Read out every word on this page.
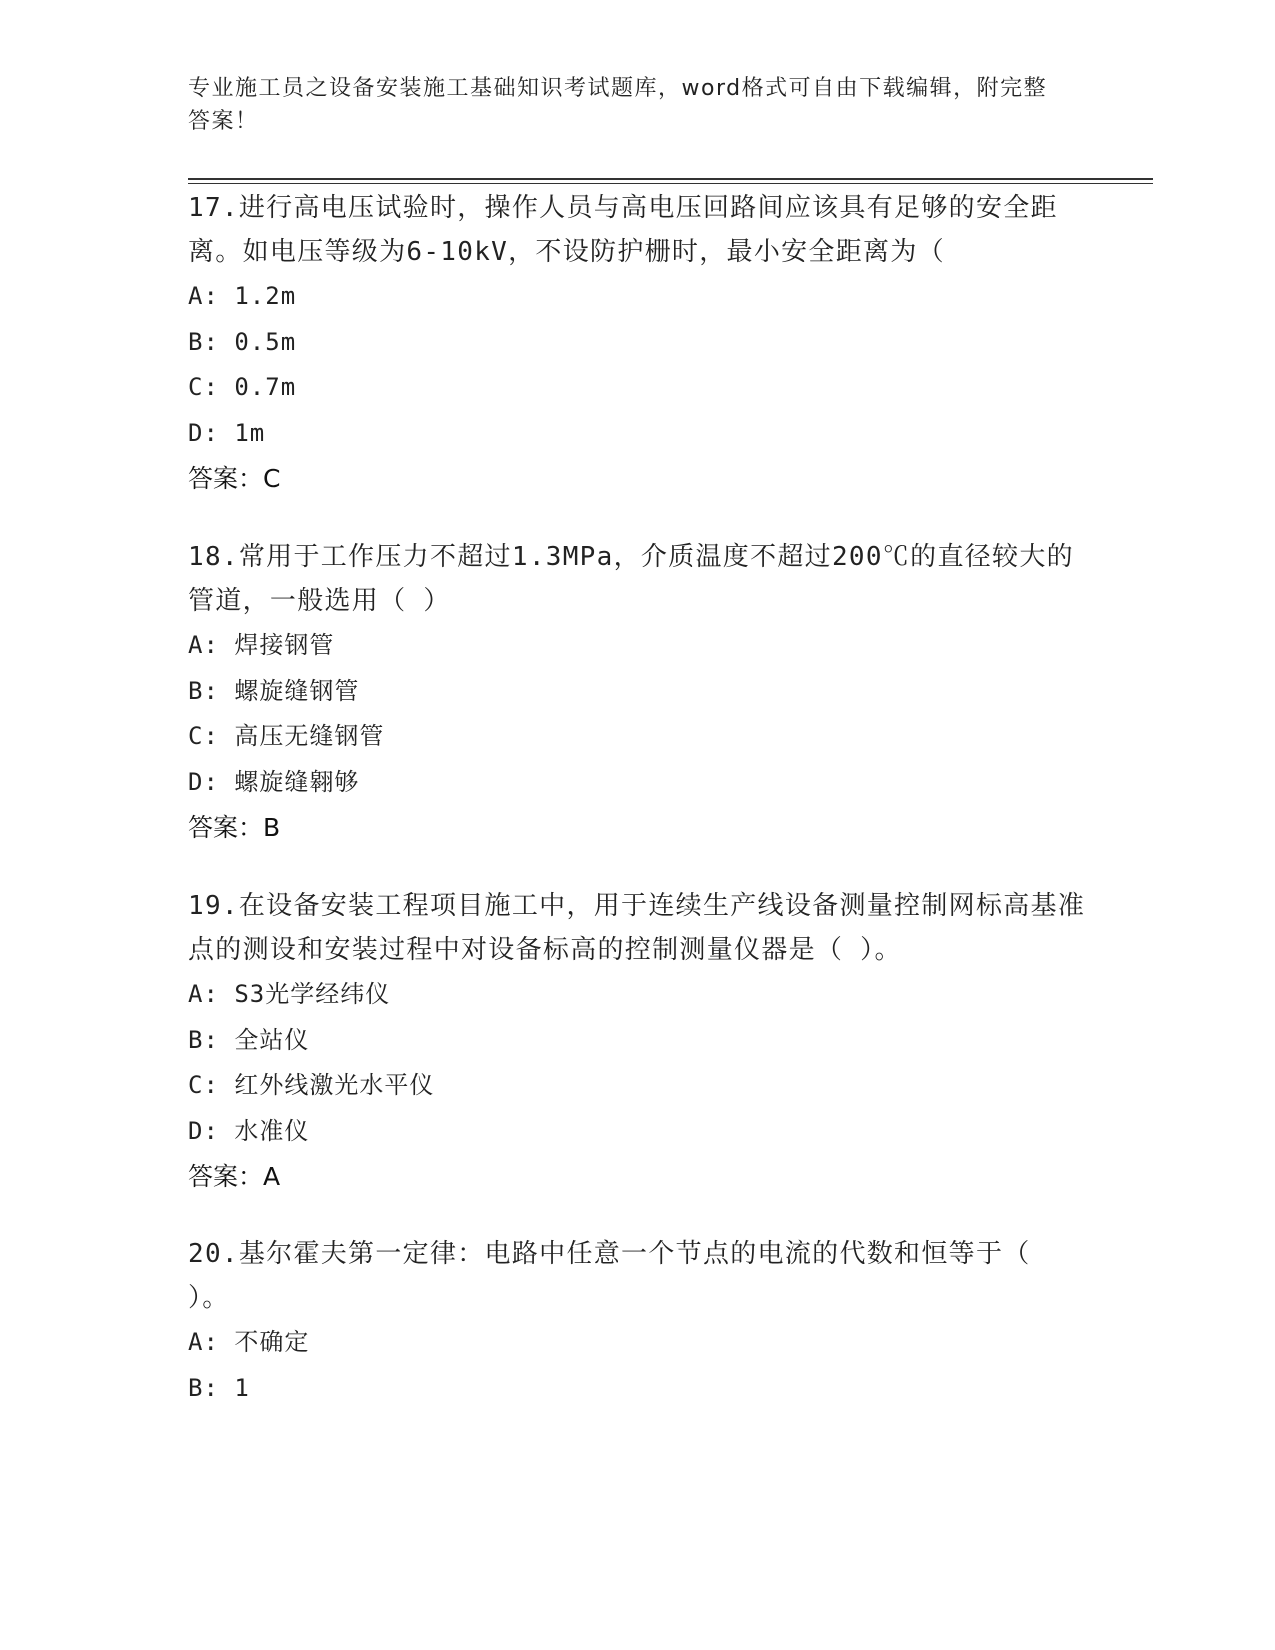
专业施工员之设备安装施工基础知识考试题库，word格式可自由下载编辑，附完整答案！

17.进行高电压试验时，操作人员与高电压回路间应该具有足够的安全距离。如电压等级为6-10kV，不设防护栅时，最小安全距离为（

A: 1.2m

B: 0.5m

C: 0.7m

D: 1m

答案：C

18.常用于工作压力不超过1.3MPa，介质温度不超过200℃的直径较大的管道，一般选用（ ）

A: 焊接钢管

B: 螺旋缝钢管

C: 高压无缝钢管

D: 螺旋缝翱够

答案：B

19.在设备安装工程项目施工中，用于连续生产线设备测量控制网标高基准点的测设和安装过程中对设备标高的控制测量仪器是（ ）。

A: S3光学经纬仪

B: 全站仪

C: 红外线激光水平仪

D: 水准仪

答案：A

20.基尔霍夫第一定律：电路中任意一个节点的电流的代数和恒等于（ ）。

A: 不确定

B: 1
